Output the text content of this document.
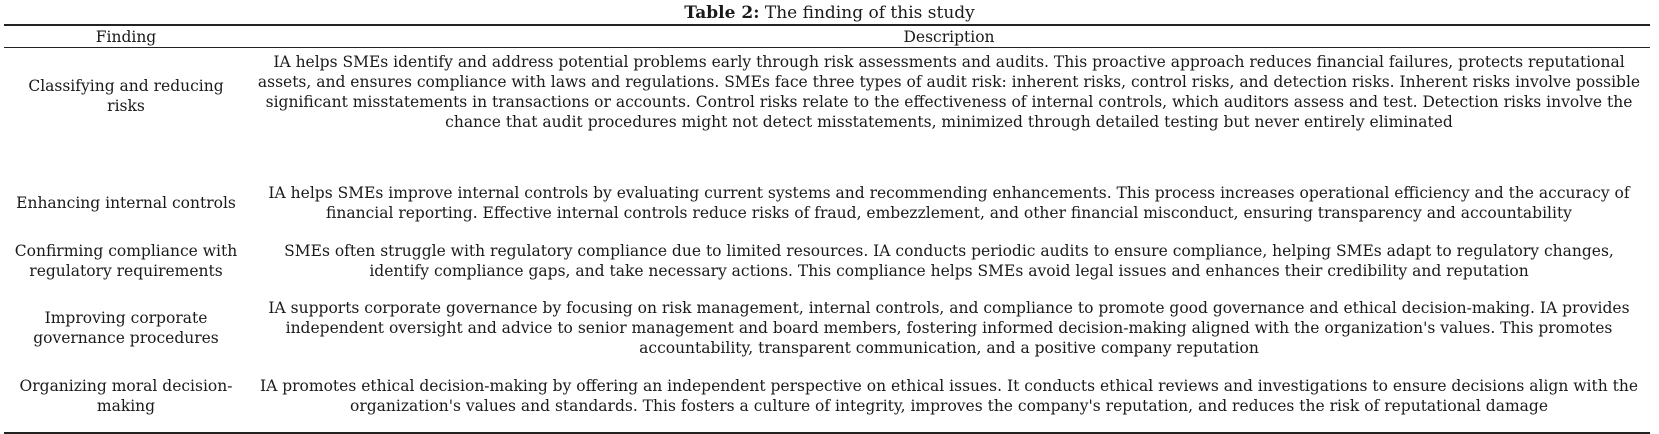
Table 2: The finding of this study
Finding	Description
Classifying and reducing risks	IA helps SMEs identify and address potential problems early through risk assessments and audits. This proactive approach reduces financial failures, protects reputational assets, and ensures compliance with laws and regulations. SMEs face three types of audit risk: inherent risks, control risks, and detection risks. Inherent risks involve possible significant misstatements in transactions or accounts. Control risks relate to the effectiveness of internal controls, which auditors assess and test. Detection risks involve the chance that audit procedures might not detect misstatements, minimized through detailed testing but never entirely eliminated
Enhancing internal controls	IA helps SMEs improve internal controls by evaluating current systems and recommending enhancements. This process increases operational efficiency and the accuracy of financial reporting. Effective internal controls reduce risks of fraud, embezzlement, and other financial misconduct, ensuring transparency and accountability
Confirming compliance with regulatory requirements	SMEs often struggle with regulatory compliance due to limited resources. IA conducts periodic audits to ensure compliance, helping SMEs adapt to regulatory changes, identify compliance gaps, and take necessary actions. This compliance helps SMEs avoid legal issues and enhances their credibility and reputation
Improving corporate governance procedures	IA supports corporate governance by focusing on risk management, internal controls, and compliance to promote good governance and ethical decision-making. IA provides independent oversight and advice to senior management and board members, fostering informed decision-making aligned with the organization's values. This promotes accountability, transparent communication, and a positive company reputation
Organizing moral decision-making	IA promotes ethical decision-making by offering an independent perspective on ethical issues. It conducts ethical reviews and investigations to ensure decisions align with the organization's values and standards. This fosters a culture of integrity, improves the company's reputation, and reduces the risk of reputational damage
